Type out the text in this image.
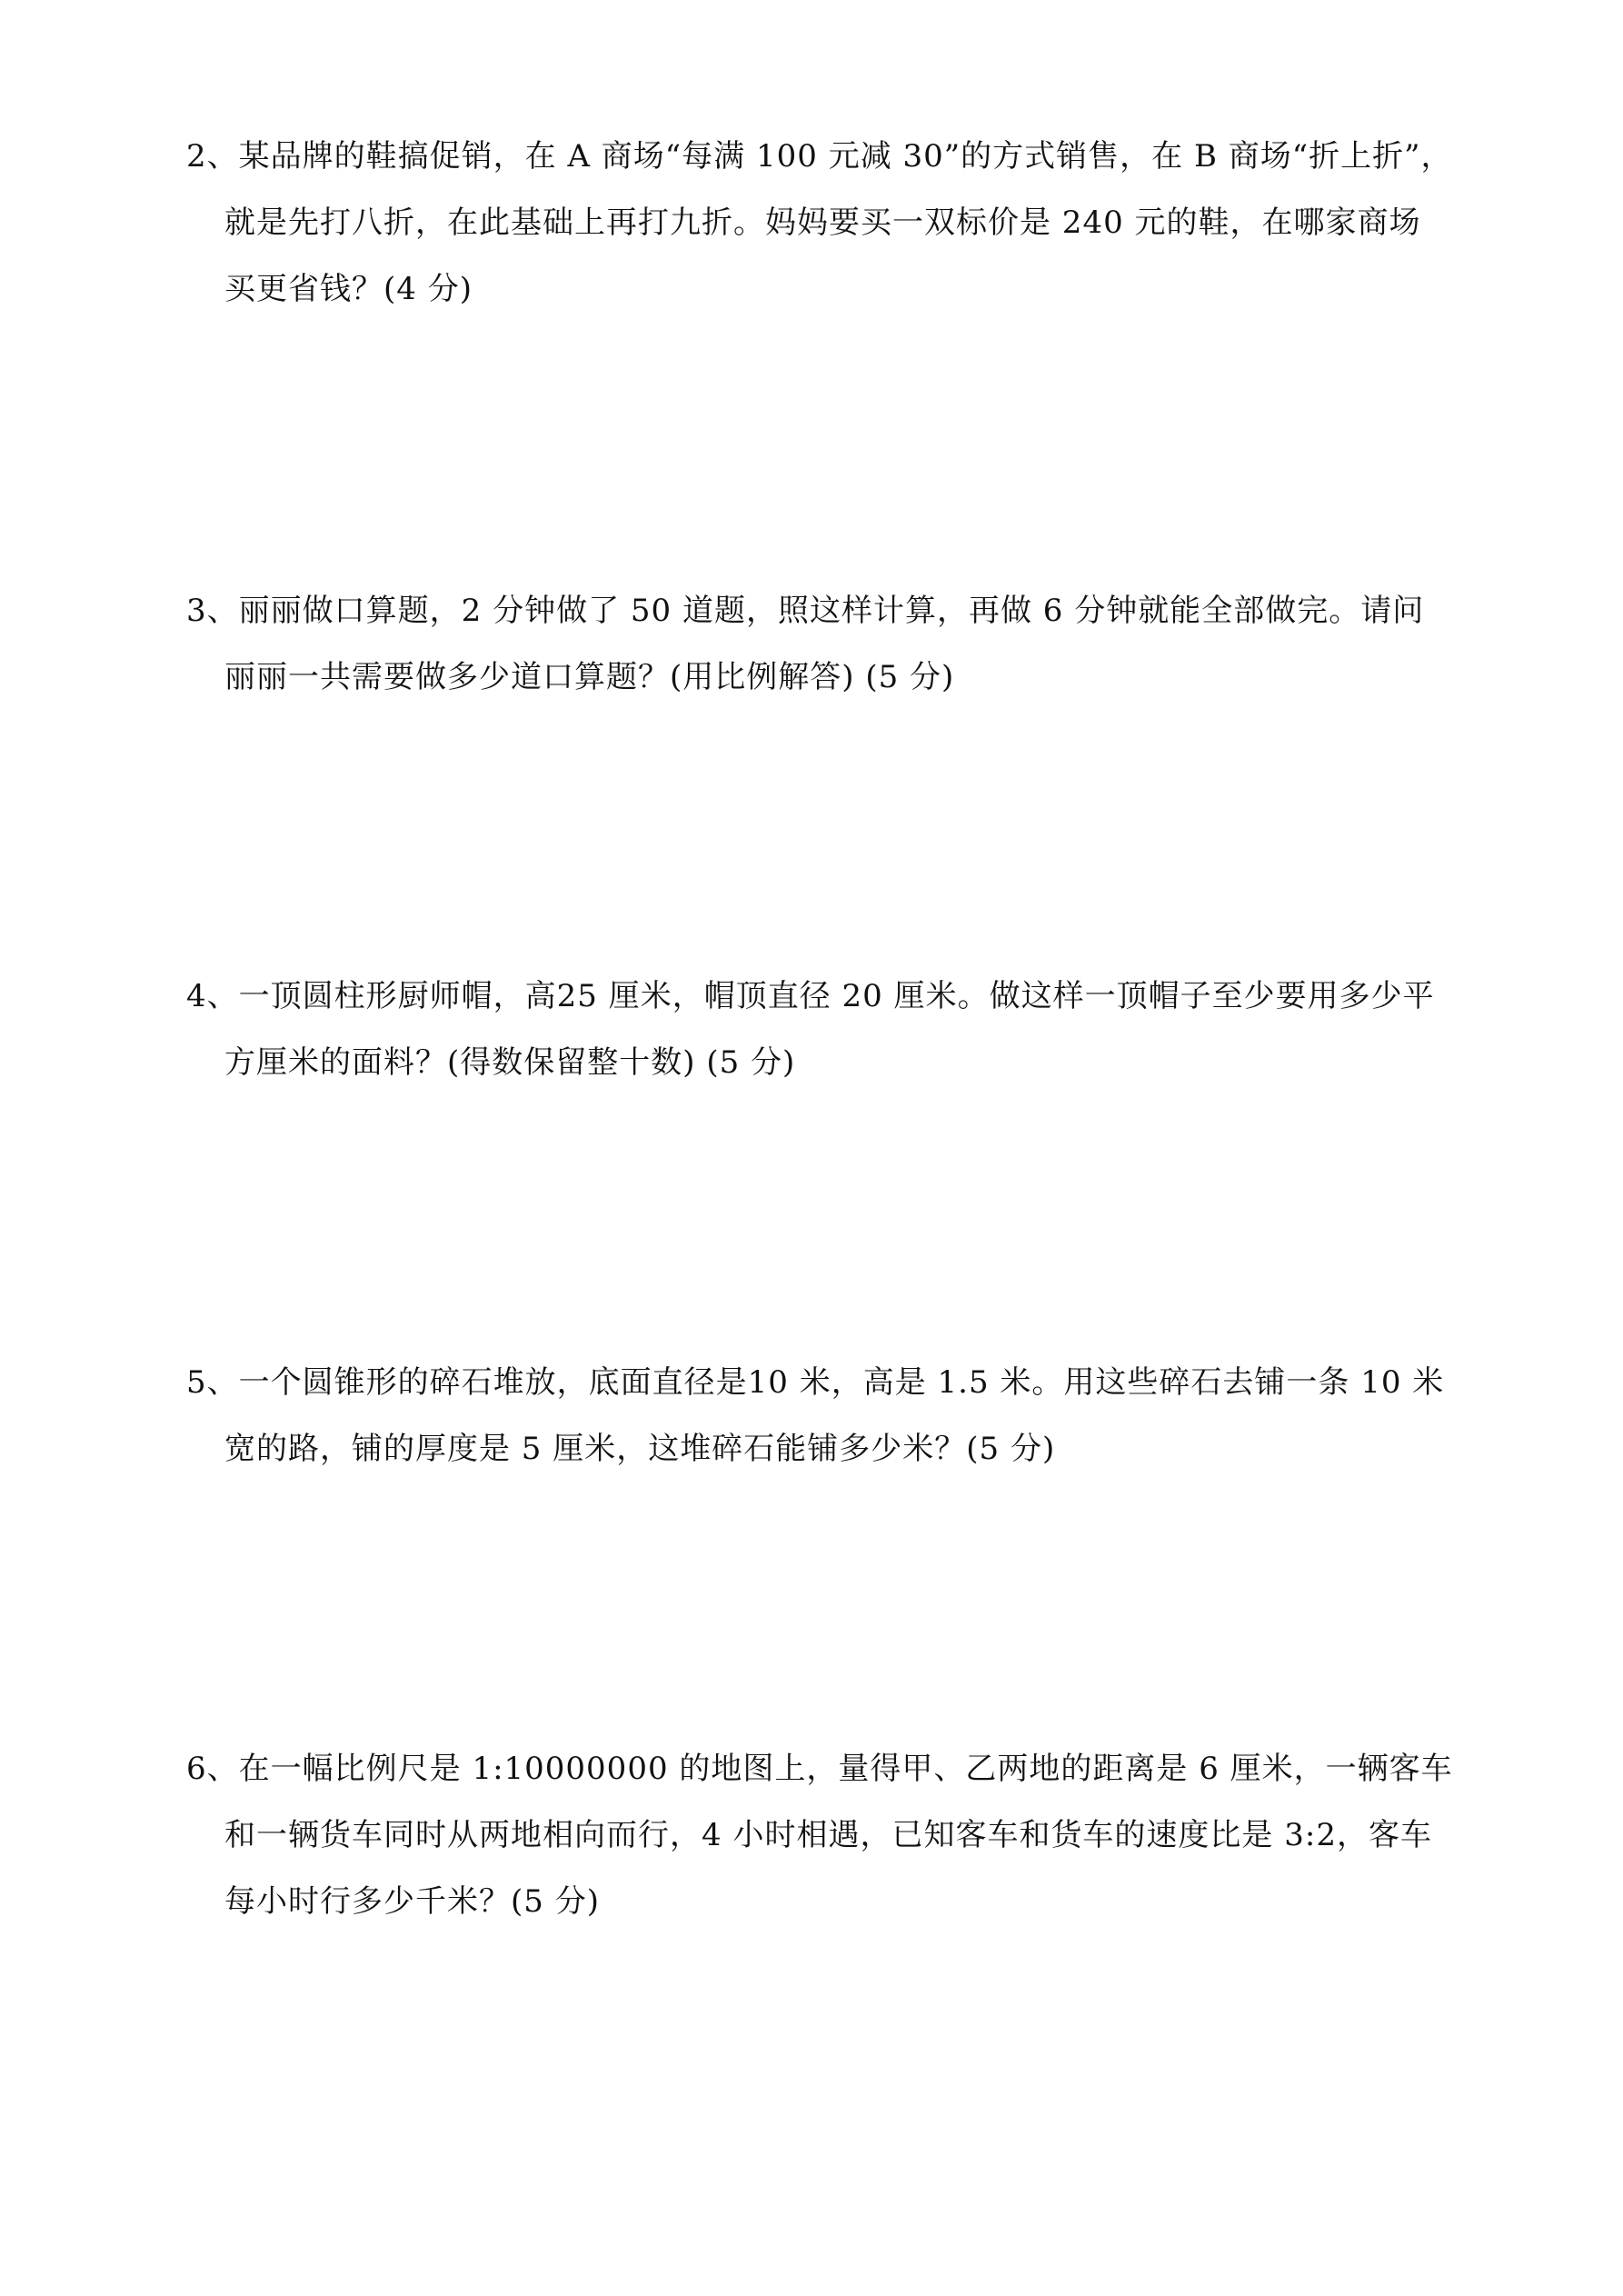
2、某品牌的鞋搞促销，在 A 商场“每满 100 元减 30”的方式销售，在 B 商场“折上折”，
就是先打八折，在此基础上再打九折。妈妈要买一双标价是 240 元的鞋，在哪家商场
买更省钱？(4 分)
3、丽丽做口算题，2 分钟做了 50 道题，照这样计算，再做 6 分钟就能全部做完。请问
丽丽一共需要做多少道口算题？(用比例解答) (5 分)
4、一顶圆柱形厨师帽，高25 厘米，帽顶直径 20 厘米。做这样一顶帽子至少要用多少平
方厘米的面料？(得数保留整十数) (5 分)
5、一个圆锥形的碎石堆放，底面直径是10 米，高是 1.5 米。用这些碎石去铺一条 10 米
宽的路，铺的厚度是 5 厘米，这堆碎石能铺多少米？(5 分)
6、在一幅比例尺是 1:10000000 的地图上，量得甲、乙两地的距离是 6 厘米，一辆客车
和一辆货车同时从两地相向而行，4 小时相遇，已知客车和货车的速度比是 3:2，客车
每小时行多少千米？(5 分)
